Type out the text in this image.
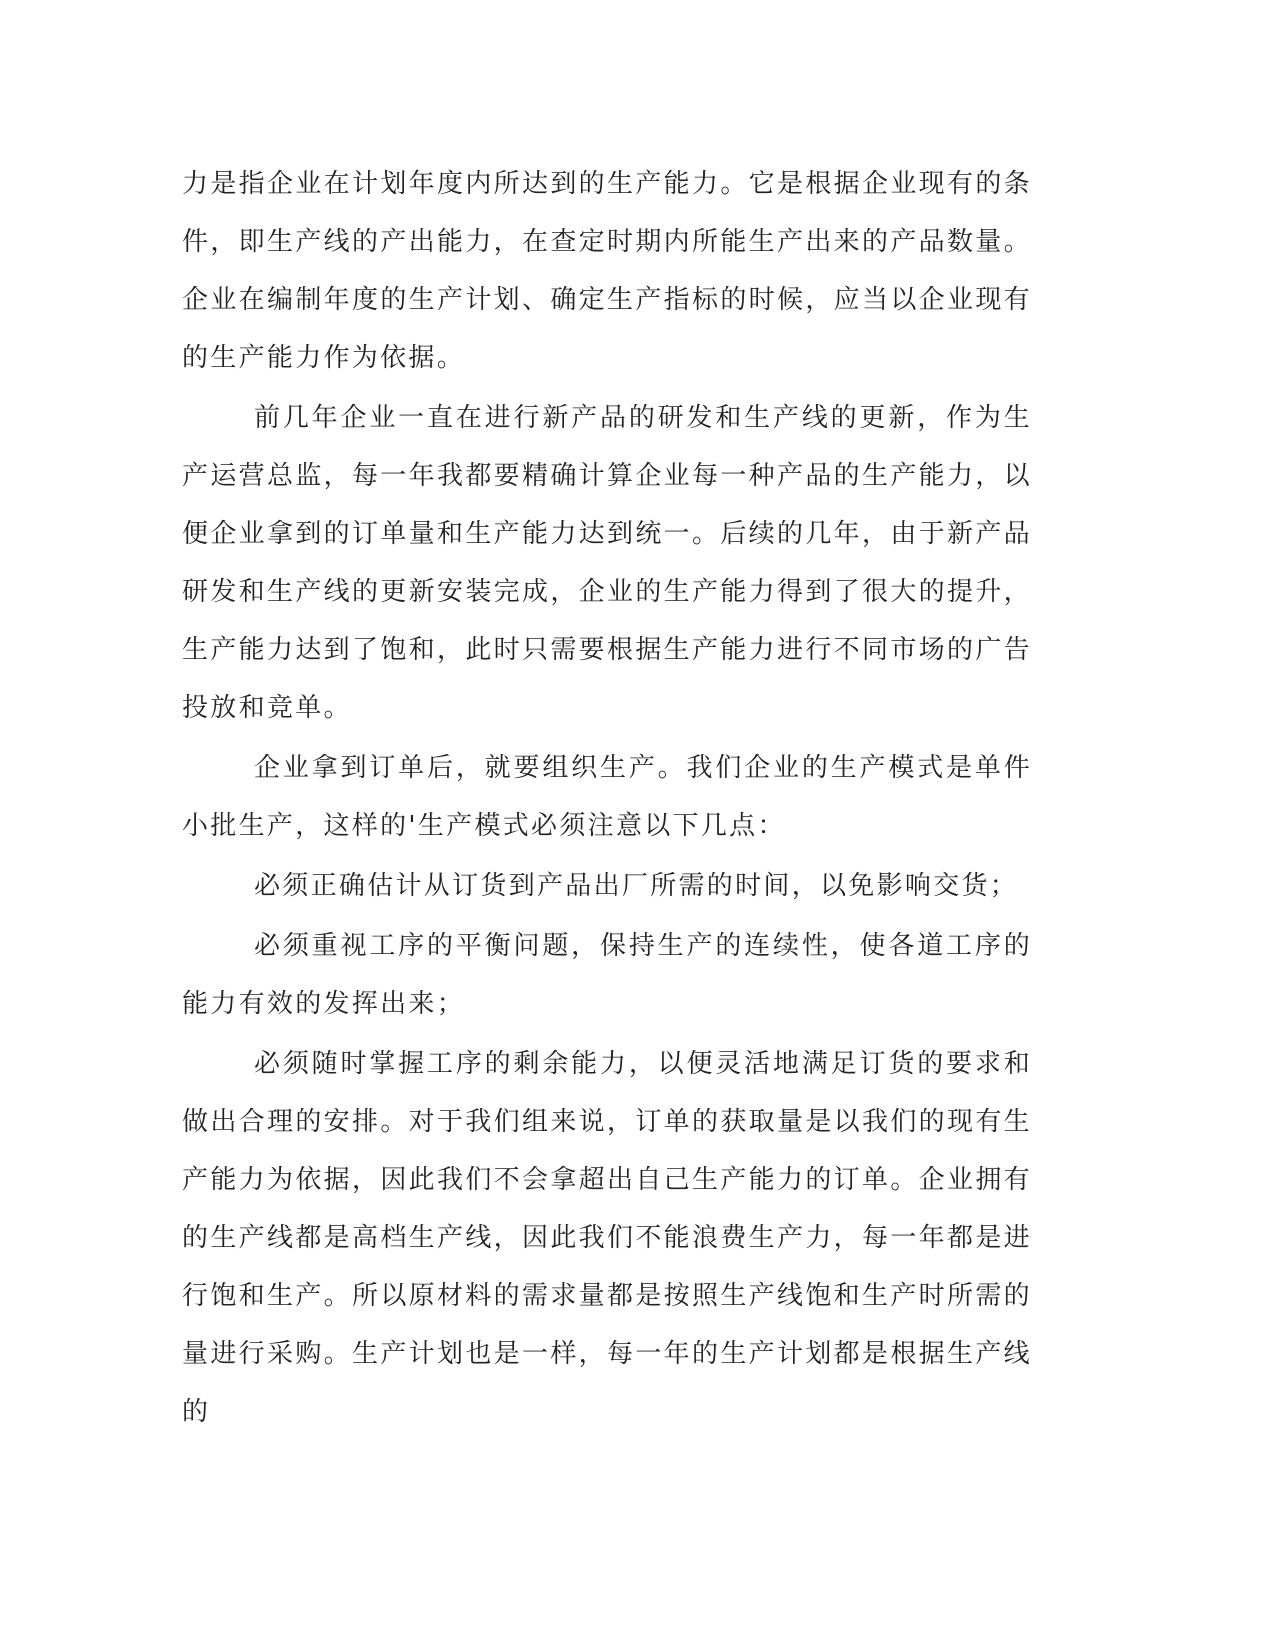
力是指企业在计划年度内所达到的生产能力。它是根据企业现有的条件，即生产线的产出能力，在查定时期内所能生产出来的产品数量。企业在编制年度的生产计划、确定生产指标的时候，应当以企业现有的生产能力作为依据。

前几年企业一直在进行新产品的研发和生产线的更新，作为生产运营总监，每一年我都要精确计算企业每一种产品的生产能力，以便企业拿到的订单量和生产能力达到统一。后续的几年，由于新产品研发和生产线的更新安装完成，企业的生产能力得到了很大的提升，生产能力达到了饱和，此时只需要根据生产能力进行不同市场的广告投放和竞单。

企业拿到订单后，就要组织生产。我们企业的生产模式是单件小批生产，这样的'生产模式必须注意以下几点：

必须正确估计从订货到产品出厂所需的时间，以免影响交货；

必须重视工序的平衡问题，保持生产的连续性，使各道工序的能力有效的发挥出来；

必须随时掌握工序的剩余能力，以便灵活地满足订货的要求和做出合理的安排。对于我们组来说，订单的获取量是以我们的现有生产能力为依据，因此我们不会拿超出自己生产能力的订单。企业拥有的生产线都是高档生产线，因此我们不能浪费生产力，每一年都是进行饱和生产。所以原材料的需求量都是按照生产线饱和生产时所需的量进行采购。生产计划也是一样，每一年的生产计划都是根据生产线的
